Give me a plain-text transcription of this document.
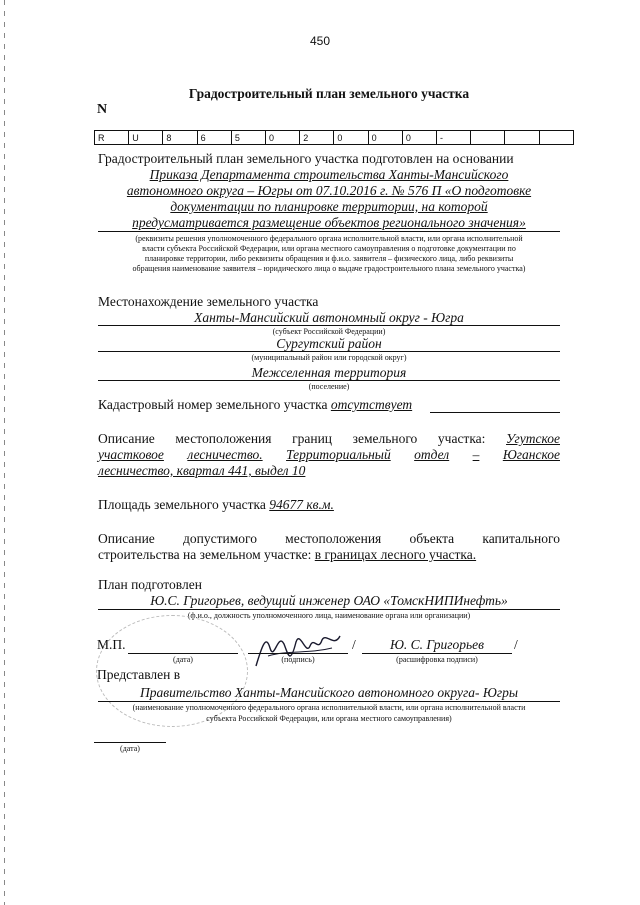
450
Градостроительный план земельного участка
N
R	U	8	6	5	0	2	0	0	0	-			
Градостроительный план земельного участка подготовлен на основании
Приказа Департамента строительства Ханты-Мансийского
автономного округа – Югры от 07.10.2016 г. № 576 П «О подготовке
документации по планировке территории, на которой
предусматривается размещение объектов регионального значения»
(реквизиты решения уполномоченного федерального органа исполнительной власти, или органа исполнительной
власти субъекта Российской Федерации, или органа местного самоуправления о подготовке документации по
планировке территории, либо реквизиты обращения и ф.и.о. заявителя – физического лица, либо реквизиты
обращения наименование заявителя – юридического лица о выдаче градостроительного плана земельного участка)
Местонахождение земельного участка
Ханты-Мансийский автономный округ - Югра
(субъект Российской Федерации)
Сургутский район
(муниципальный район или городской округ)
Межселенная территория
(поселение)
Кадастровый номер земельного участка отсутствует
Описание местоположения границ земельного участка: Угутское
участковое лесничество. Территориальный отдел – Юганское
лесничество, квартал 441, выдел 10
Площадь земельного участка 94677 кв.м.
Описание допустимого местоположения объекта капитального
строительства на земельном участке: в границах лесного участка.
План подготовлен
Ю.С. Григорьев, ведущий инженер ОАО «ТомскНИПИнефть»
(ф.и.о., должность уполномоченного лица, наименование органа или организации)
М.П.
(дата)	(подпись)
/	Ю. С. Григорьев	/
(расшифровка подписи)
Представлен в
Правительство Ханты-Мансийского автономного округа- Югры
(наименование уполномоченного федерального органа исполнительной власти, или органа исполнительной власти
субъекта Российской Федерации, или органа местного самоуправления)
(дата)
